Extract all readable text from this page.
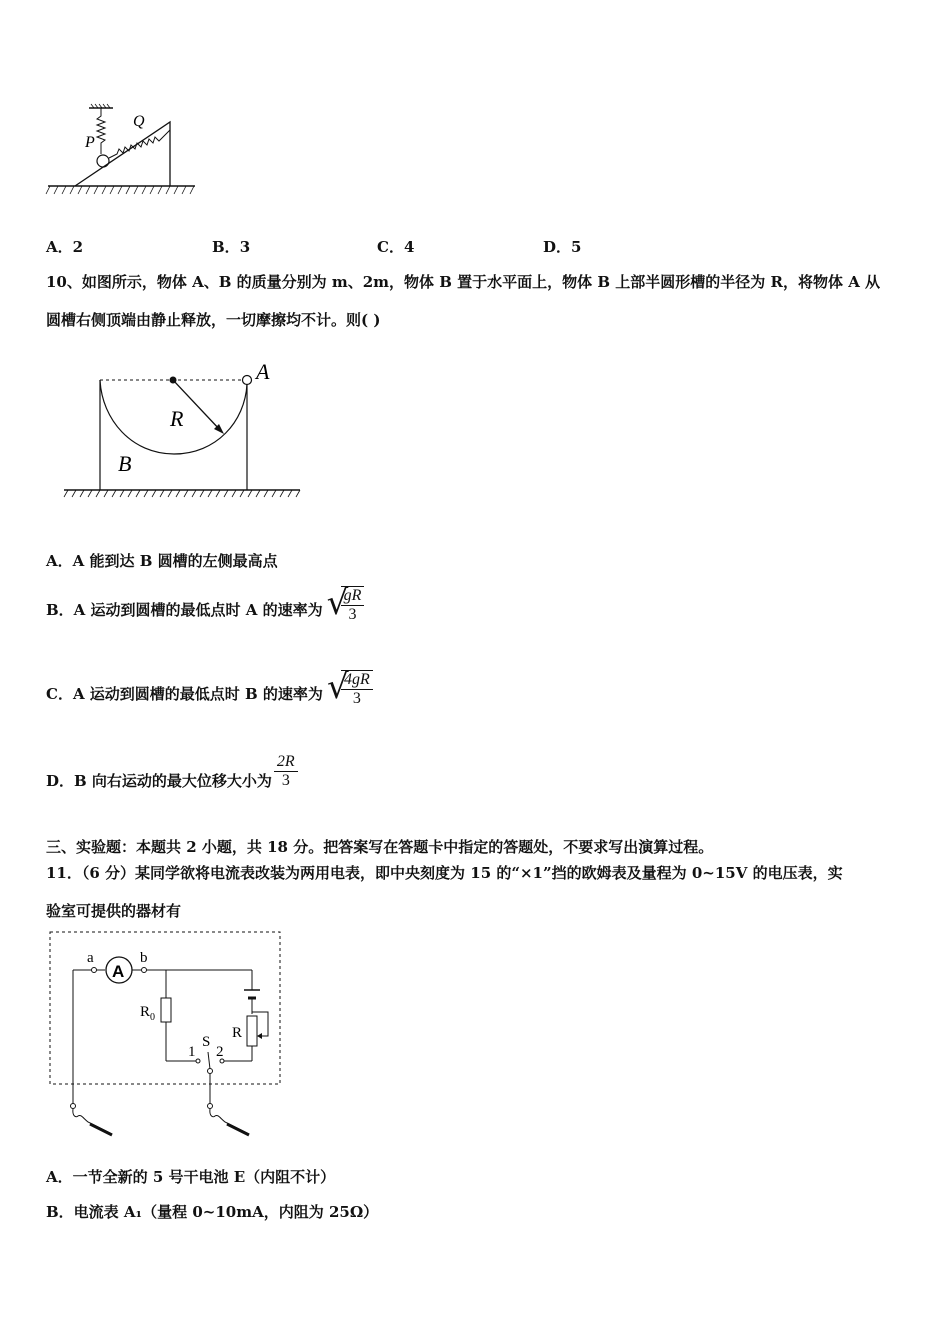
P
Q
A．2	B．3	C．4	D．5
10、如图所示，物体 A、B 的质量分别为 m、2m，物体 B 置于水平面上，物体 B 上部半圆形槽的半径为 R，将物体 A 从
圆槽右侧顶端由静止释放，一切摩擦均不计。则( )
A
R
B
A．A 能到达 B 圆槽的左侧最高点
B．A 运动到圆槽的最低点时 A 的速率为 √
$\frac{gR}{3}$
C．A 运动到圆槽的最低点时 B 的速率为 √
$\frac{4gR}{3}$
D．B 向右运动的最大位移大小为 $\frac{2R}{3}$
三、实验题：本题共 2 小题，共 18 分。把答案写在答题卡中指定的答题处，不要求写出演算过程。
11．（6 分）某同学欲将电流表改装为两用电表，即中央刻度为 15 的“×1”挡的欧姆表及量程为 0~15V 的电压表，实
验室可提供的器材有
A
a	b
$R_0$
R
S
1 2
A．一节全新的 5 号干电池 E（内阻不计）
B．电流表 A₁（量程 0~10mA，内阻为 25Ω）
